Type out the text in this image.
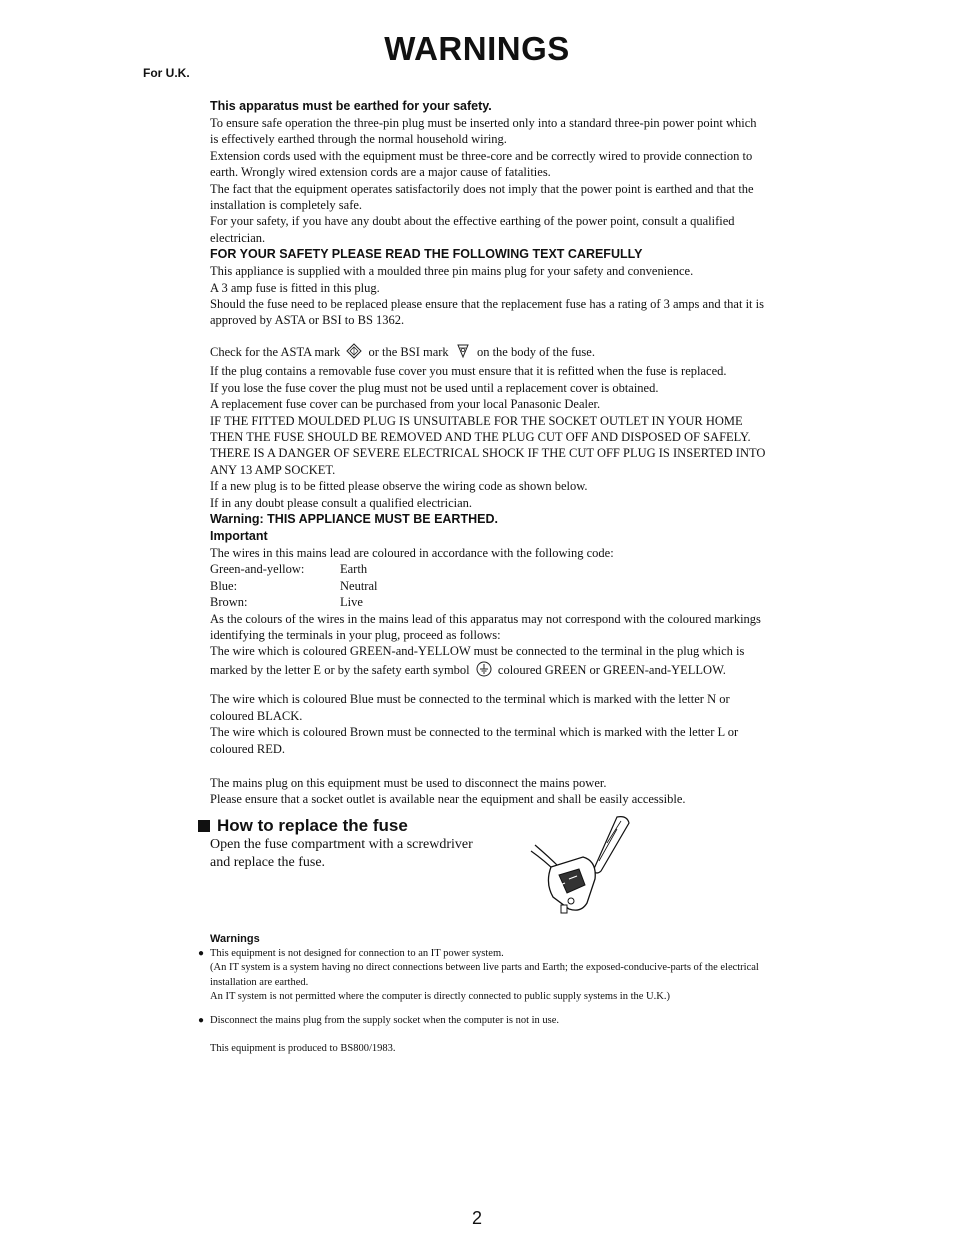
WARNINGS
For U.K.

This apparatus must be earthed for your safety.

To ensure safe operation the three-pin plug must be inserted only into a standard three-pin power point which is effectively earthed through the normal household wiring.

Extension cords used with the equipment must be three-core and be correctly wired to provide connection to earth. Wrongly wired extension cords are a major cause of fatalities.

The fact that the equipment operates satisfactorily does not imply that the power point is earthed and that the installation is completely safe.

For your safety, if you have any doubt about the effective earthing of the power point, consult a qualified electrician.

FOR YOUR SAFETY PLEASE READ THE FOLLOWING TEXT CAREFULLY

This appliance is supplied with a moulded three pin mains plug for your safety and convenience.

A 3 amp fuse is fitted in this plug.

Should the fuse need to be replaced please ensure that the replacement fuse has a rating of 3 amps and that it is approved by ASTA or BSI to BS 1362.

Check for the ASTA mark or the BSI mark on the body of the fuse.

If the plug contains a removable fuse cover you must ensure that it is refitted when the fuse is replaced.

If you lose the fuse cover the plug must not be used until a replacement cover is obtained.

A replacement fuse cover can be purchased from your local Panasonic Dealer.

IF THE FITTED MOULDED PLUG IS UNSUITABLE FOR THE SOCKET OUTLET IN YOUR HOME THEN THE FUSE SHOULD BE REMOVED AND THE PLUG CUT OFF AND DISPOSED OF SAFELY.

THERE IS A DANGER OF SEVERE ELECTRICAL SHOCK IF THE CUT OFF PLUG IS INSERTED INTO ANY 13 AMP SOCKET.

If a new plug is to be fitted please observe the wiring code as shown below.

If in any doubt please consult a qualified electrician.

Warning: THIS APPLIANCE MUST BE EARTHED.

Important

The wires in this mains lead are coloured in accordance with the following code:

Green-and-yellow:	Earth
Blue:	Neutral
Brown:	Live

As the colours of the wires in the mains lead of this apparatus may not correspond with the coloured markings identifying the terminals in your plug, proceed as follows:

The wire which is coloured GREEN-and-YELLOW must be connected to the terminal in the plug which is marked by the letter E or by the safety earth symbol coloured GREEN or GREEN-and-YELLOW.

The wire which is coloured Blue must be connected to the terminal which is marked with the letter N or coloured BLACK.

The wire which is coloured Brown must be connected to the terminal which is marked with the letter L or coloured RED.

The mains plug on this equipment must be used to disconnect the mains power.

Please ensure that a socket outlet is available near the equipment and shall be easily accessible.

How to replace the fuse
Open the fuse compartment with a screwdriver and replace the fuse.
Warnings
● This equipment is not designed for connection to an IT power system.
(An IT system is a system having no direct connections between live parts and Earth; the exposed-conducive-parts of the electrical installation are earthed.
An IT system is not permitted where the computer is directly connected to public supply systems in the U.K.)
● Disconnect the mains plug from the supply socket when the computer is not in use.
This equipment is produced to BS800/1983.
2
